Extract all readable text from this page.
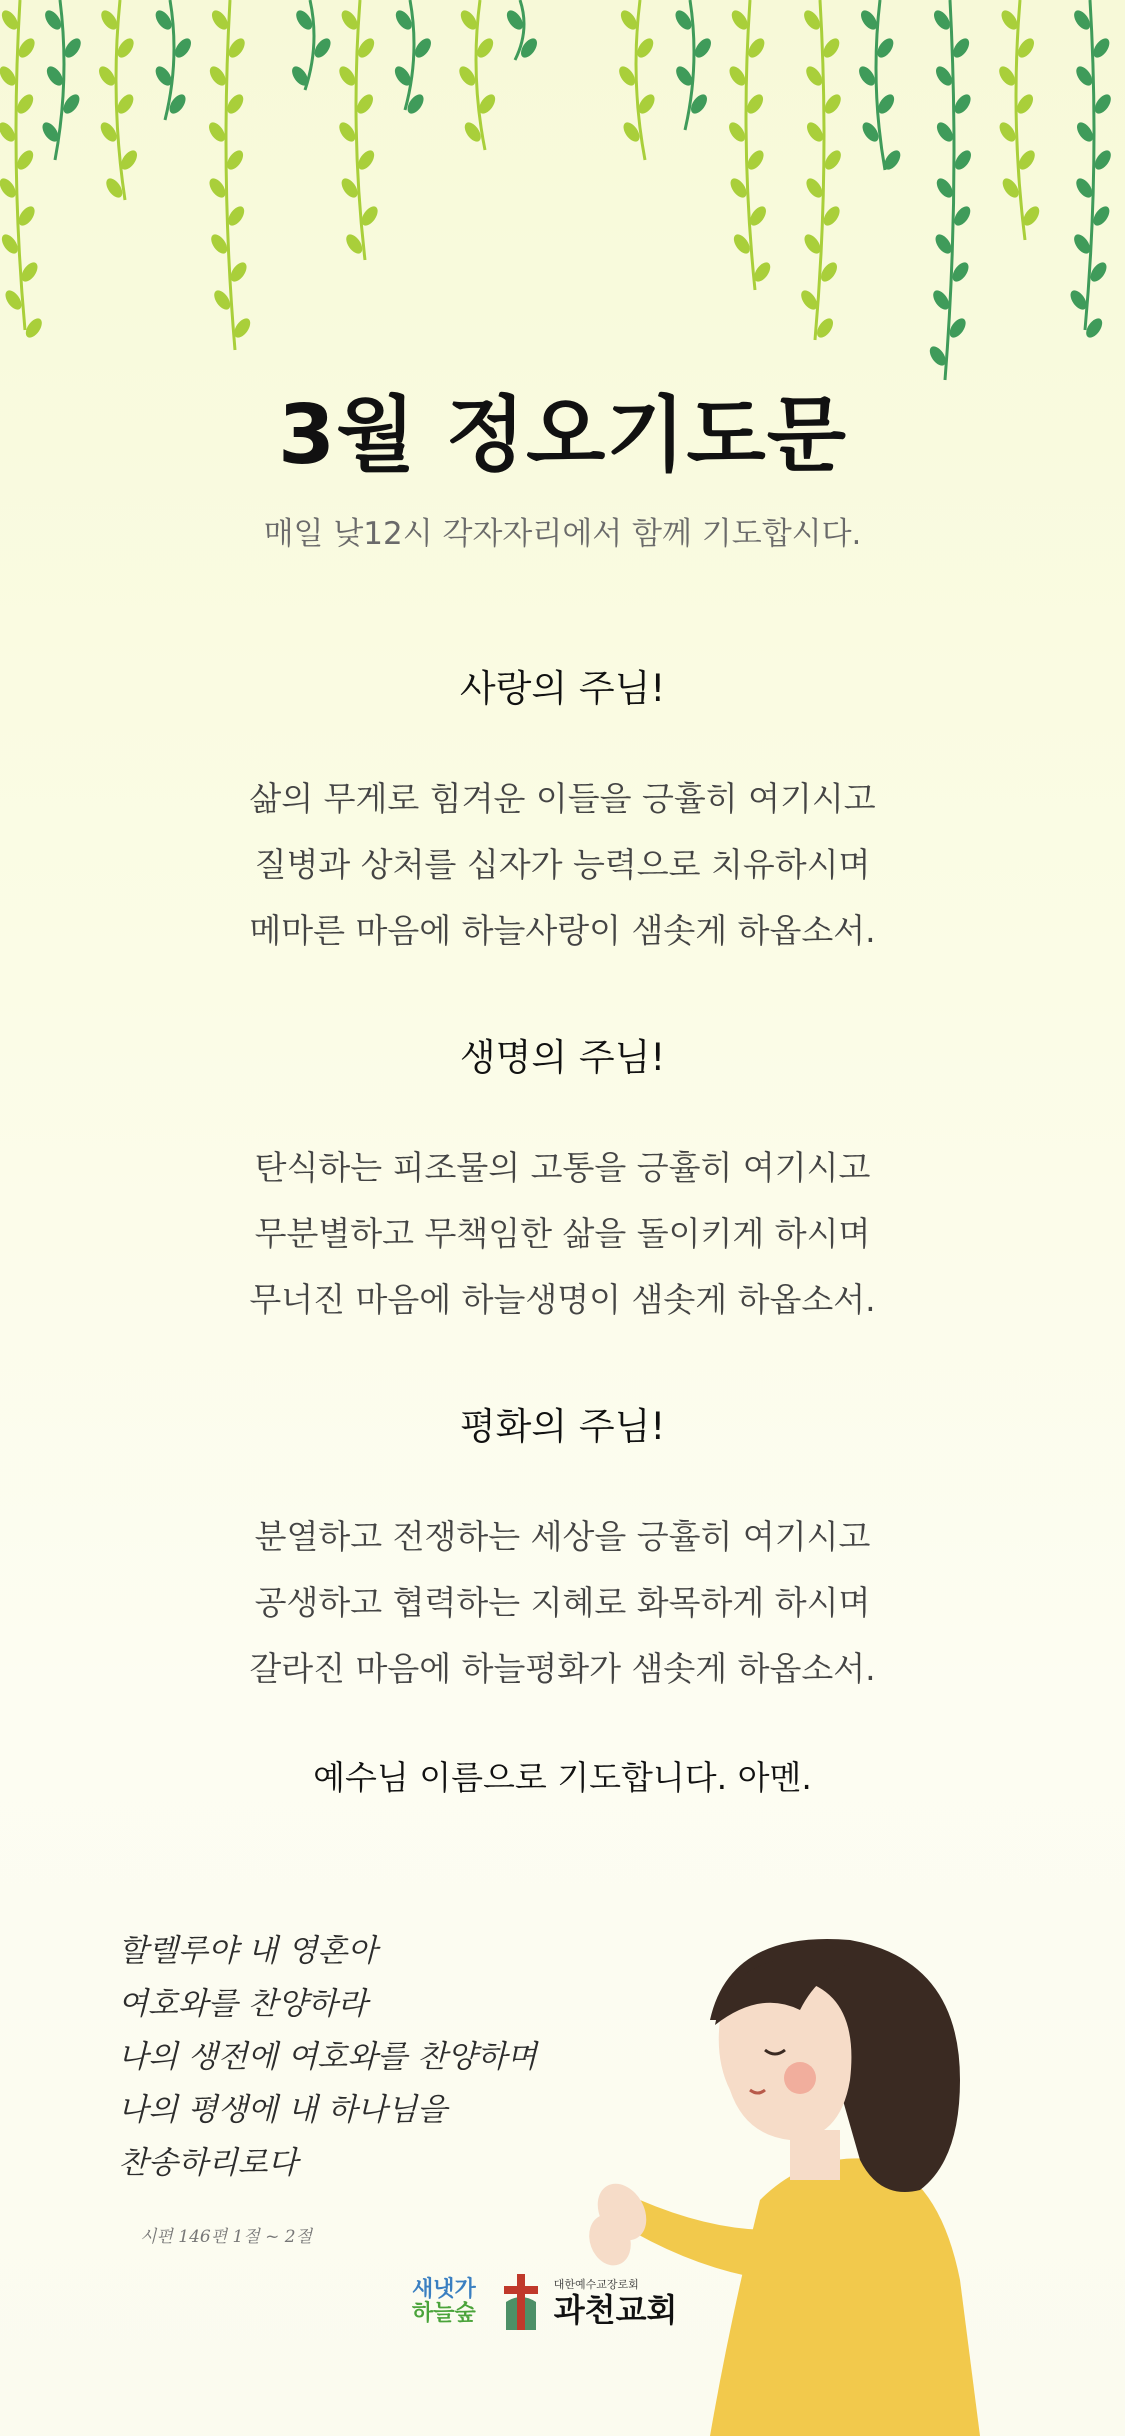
3월 정오기도문
매일 낮12시 각자자리에서 함께 기도합시다.
사랑의 주님!
삶의 무게로 힘겨운 이들을 긍휼히 여기시고
질병과 상처를 십자가 능력으로 치유하시며
메마른 마음에 하늘사랑이 샘솟게 하옵소서.
생명의 주님!
탄식하는 피조물의 고통을 긍휼히 여기시고
무분별하고 무책임한 삶을 돌이키게 하시며
무너진 마음에 하늘생명이 샘솟게 하옵소서.
평화의 주님!
분열하고 전쟁하는 세상을 긍휼히 여기시고
공생하고 협력하는 지혜로 화목하게 하시며
갈라진 마음에 하늘평화가 샘솟게 하옵소서.
예수님 이름으로 기도합니다. 아멘.
할렐루야 내 영혼아
여호와를 찬양하라
나의 생전에 여호와를 찬양하며
나의 평생에 내 하나님을
찬송하리로다
시편 146편 1절 ~ 2절
새냇가
하늘숲
대한예수교장로회
과천교회
